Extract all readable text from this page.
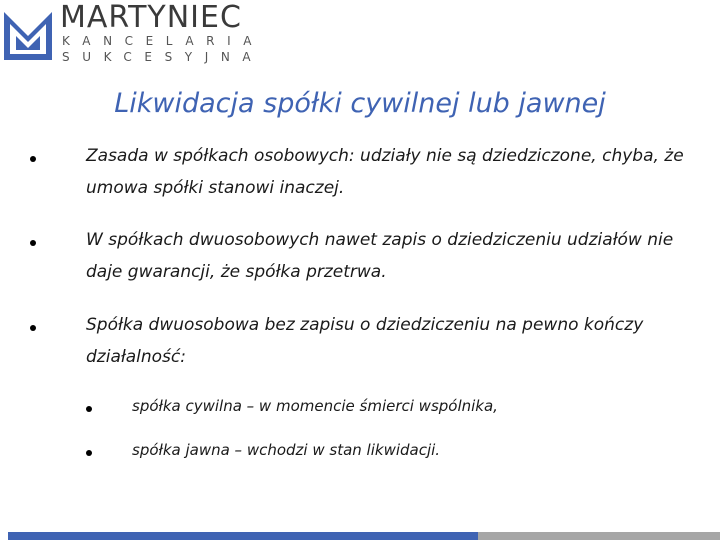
MARTYNIEC
KANCELARIA
SUKCESYJNA
Likwidacja spółki cywilnej lub jawnej

Zasada w spółkach osobowych: udziały nie są dziedziczone, chyba, że umowa spółki stanowi inaczej.

W spółkach dwuosobowych nawet zapis o dziedziczeniu udziałów nie daje gwarancji, że spółka przetrwa.

Spółka dwuosobowa bez zapisu o dziedziczeniu na pewno kończy działalność:

spółka cywilna – w momencie śmierci wspólnika,

spółka jawna – wchodzi w stan likwidacji.
